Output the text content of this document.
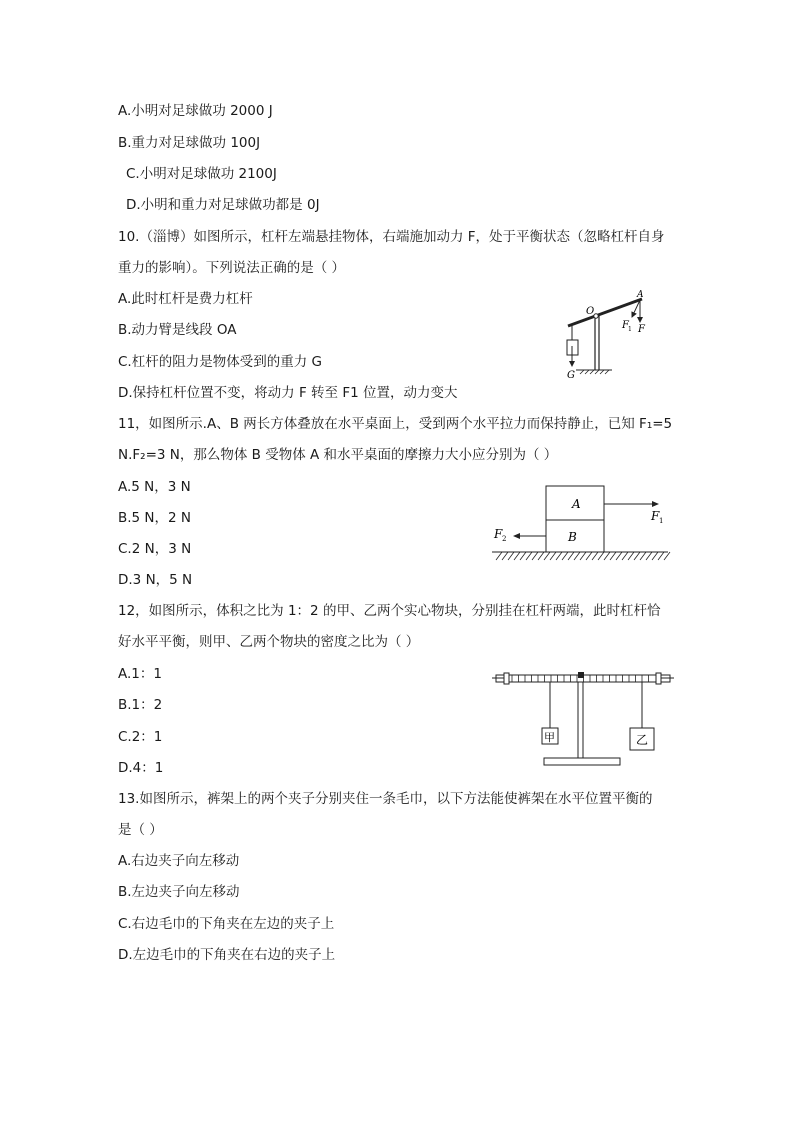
A.小明对足球做功 2000 J
B.重力对足球做功 100J
C.小明对足球做功 2100J
D.小明和重力对足球做功都是 0J
10.（淄博）如图所示，杠杆左端悬挂物体，右端施加动力 F，处于平衡状态（忽略杠杆自身
重力的影响）。下列说法正确的是（ ）
A.此时杠杆是费力杠杆
B.动力臂是线段 OA
C.杠杆的阻力是物体受到的重力 G
D.保持杠杆位置不变，将动力 F 转至 F1 位置，动力变大
11，如图所示.A、B 两长方体叠放在水平桌面上，受到两个水平拉力而保持静止，已知 F₁=5
N.F₂=3 N，那么物体 B 受物体 A 和水平桌面的摩擦力大小应分别为（ ）
A.5 N，3 N
B.5 N，2 N
C.2 N，3 N
D.3 N，5 N
12，如图所示，体积之比为 1：2 的甲、乙两个实心物块，分别挂在杠杆两端，此时杠杆恰
好水平平衡，则甲、乙两个物块的密度之比为（ ）
A.1：1
B.1：2
C.2：1
D.4：1
13.如图所示，裤架上的两个夹子分别夹住一条毛巾，以下方法能使裤架在水平位置平衡的
是（ ）
A.右边夹子向左移动
B.左边夹子向左移动
C.右边毛巾的下角夹在左边的夹子上
D.左边毛巾的下角夹在右边的夹子上
O
A
F 1 F
G
A
B
F 1
F 2
甲	乙
